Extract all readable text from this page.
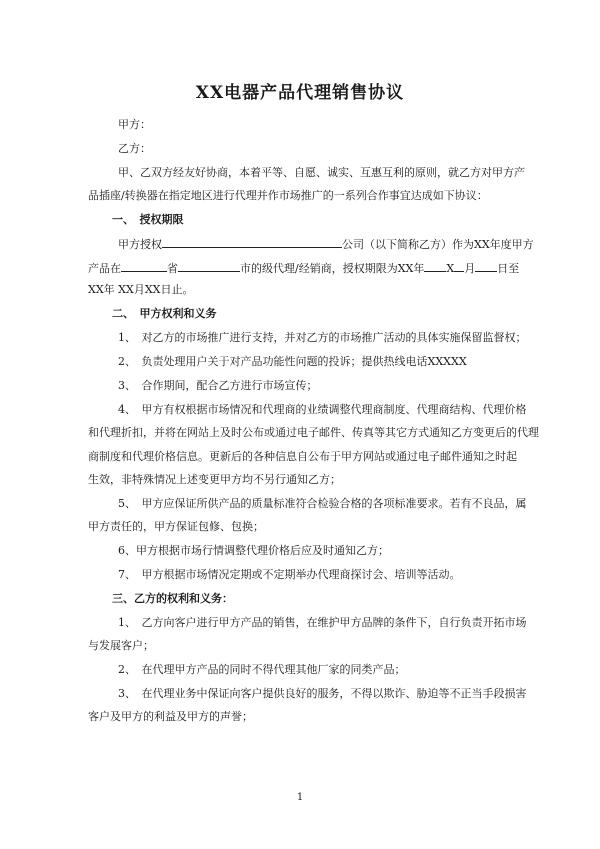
XX电器产品代理销售协议
甲方：
乙方：
甲、乙双方经友好协商，本着平等、自愿、诚实、互惠互利的原则，就乙方对甲方产
品插座/转换器在指定地区进行代理并作市场推广的一系列合作事宜达成如下协议：
一、　授权期限
甲方授权	公司（以下简称乙方）作为XX年度甲方
产品在	省	市的级代理/经销商，授权期限为XX年 X 月 日至
XX年 XX月XX日止。
二、　甲方权利和义务
1、　对乙方的市场推广进行支持，并对乙方的市场推广活动的具体实施保留监督权；
2、　负责处理用户关于对产品功能性问题的投诉；提供热线电话XXXXX
3、　合作期间，配合乙方进行市场宣传；
4、　甲方有权根据市场情况和代理商的业绩调整代理商制度、代理商结构、代理价格
和代理折扣，并将在网站上及时公布或通过电子邮件、传真等其它方式通知乙方变更后的代理
商制度和代理价格信息。更新后的各种信息自公布于甲方网站或通过电子邮件通知之时起
生效，非特殊情况上述变更甲方均不另行通知乙方；
5、　甲方应保证所供产品的质量标准符合检验合格的各项标准要求。若有不良品，属
甲方责任的，甲方保证包修、包换；
6、甲方根据市场行情调整代理价格后应及时通知乙方；
7、　甲方根据市场情况定期或不定期举办代理商探讨会、培训等活动。
三、乙方的权利和义务：
1、　乙方向客户进行甲方产品的销售，在维护甲方品牌的条件下，自行负责开拓市场
与发展客户；
2、　在代理甲方产品的同时不得代理其他厂家的同类产品；
3、　在代理业务中保证向客户提供良好的服务，不得以欺诈、胁迫等不正当手段损害
客户及甲方的利益及甲方的声誉；
1
